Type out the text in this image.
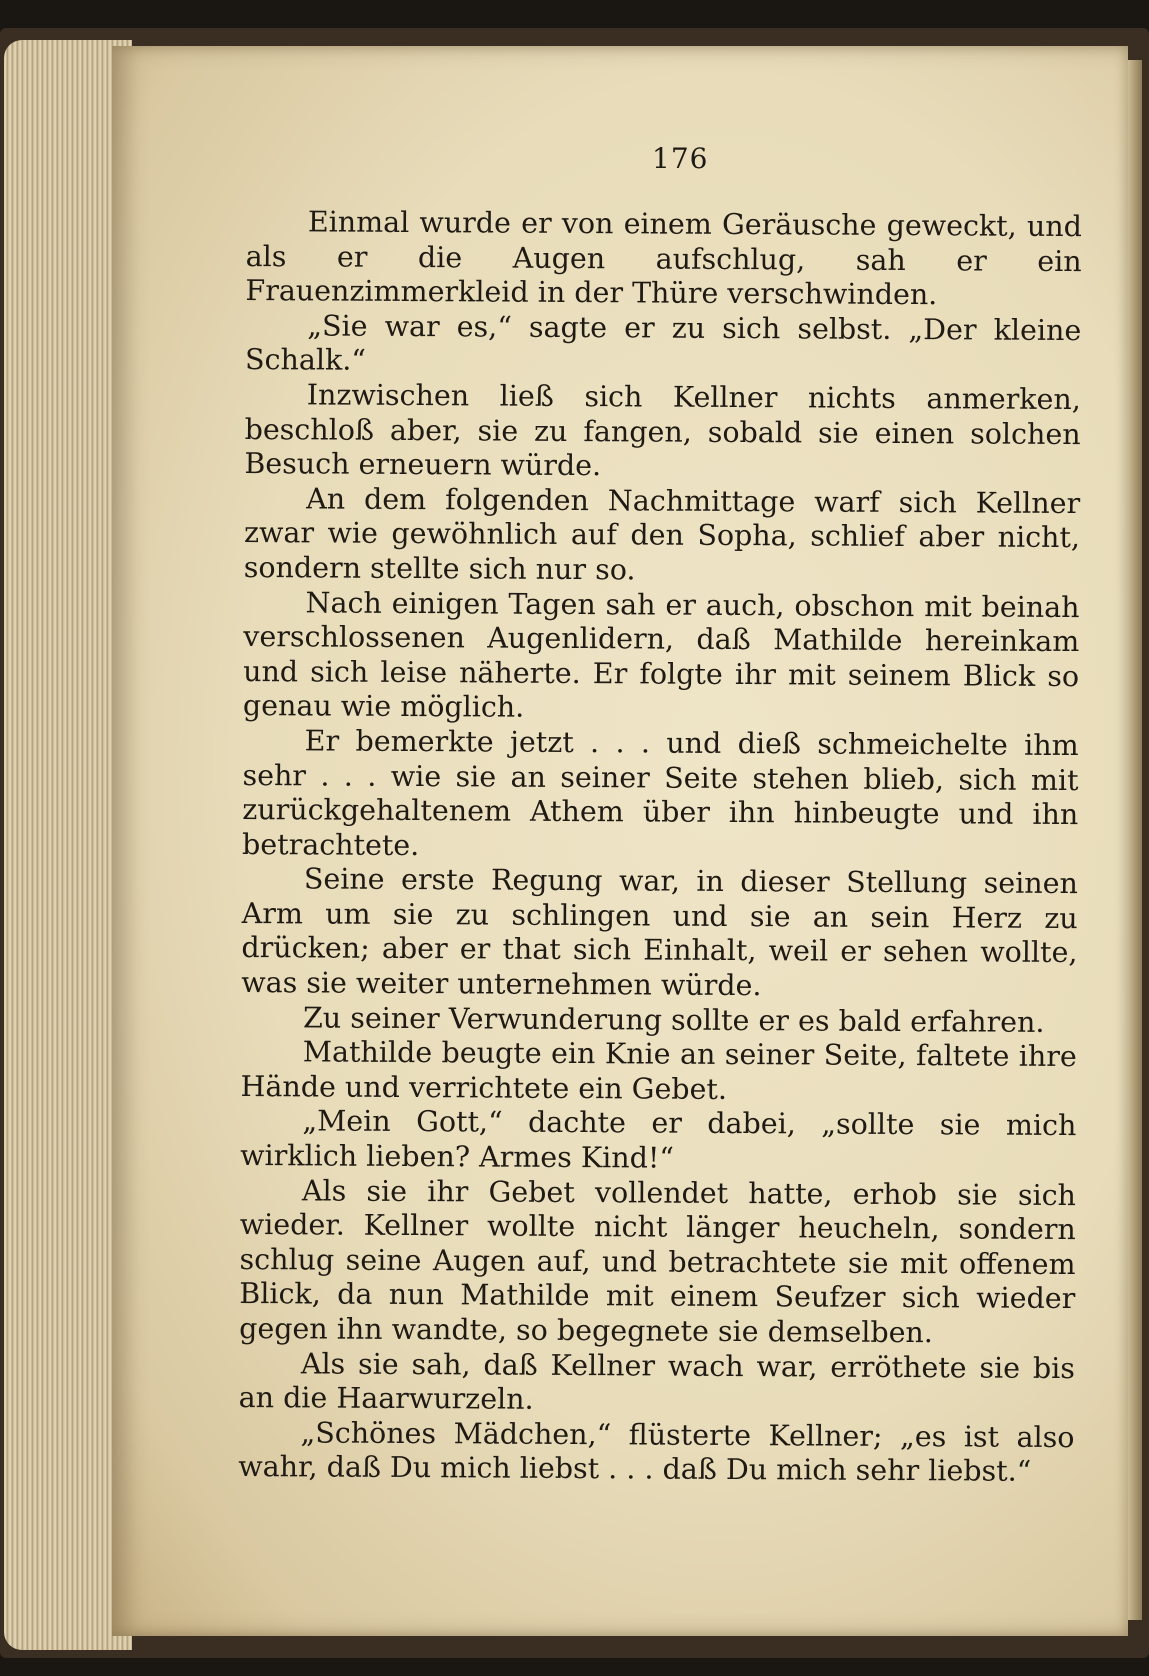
176

Einmal wurde er von einem Geräusche geweckt, und als er die Augen aufschlug, sah er ein Frauenzimmerkleid in der Thüre verschwinden.

„Sie war es,“ sagte er zu sich selbst. „Der kleine Schalk.“

Inzwischen ließ sich Kellner nichts anmerken, beschloß aber, sie zu fangen, sobald sie einen solchen Besuch erneuern würde.

An dem folgenden Nachmittage warf sich Kellner zwar wie gewöhnlich auf den Sopha, schlief aber nicht, sondern stellte sich nur so.

Nach einigen Tagen sah er auch, obschon mit beinah verschlossenen Augenlidern, daß Mathilde hereinkam und sich leise näherte. Er folgte ihr mit seinem Blick so genau wie möglich.

Er bemerkte jetzt . . . und dieß schmeichelte ihm sehr . . . wie sie an seiner Seite stehen blieb, sich mit zurückgehaltenem Athem über ihn hinbeugte und ihn betrachtete.

Seine erste Regung war, in dieser Stellung seinen Arm um sie zu schlingen und sie an sein Herz zu drücken; aber er that sich Einhalt, weil er sehen wollte, was sie weiter unternehmen würde.

Zu seiner Verwunderung sollte er es bald erfahren.

Mathilde beugte ein Knie an seiner Seite, faltete ihre Hände und verrichtete ein Gebet.

„Mein Gott,“ dachte er dabei, „sollte sie mich wirklich lieben? Armes Kind!“

Als sie ihr Gebet vollendet hatte, erhob sie sich wieder. Kellner wollte nicht länger heucheln, sondern schlug seine Augen auf, und betrachtete sie mit offenem Blick, da nun Mathilde mit einem Seufzer sich wieder gegen ihn wandte, so begegnete sie demselben.

Als sie sah, daß Kellner wach war, erröthete sie bis an die Haarwurzeln.

„Schönes Mädchen,“ flüsterte Kellner; „es ist also wahr, daß Du mich liebst . . . daß Du mich sehr liebst.“
